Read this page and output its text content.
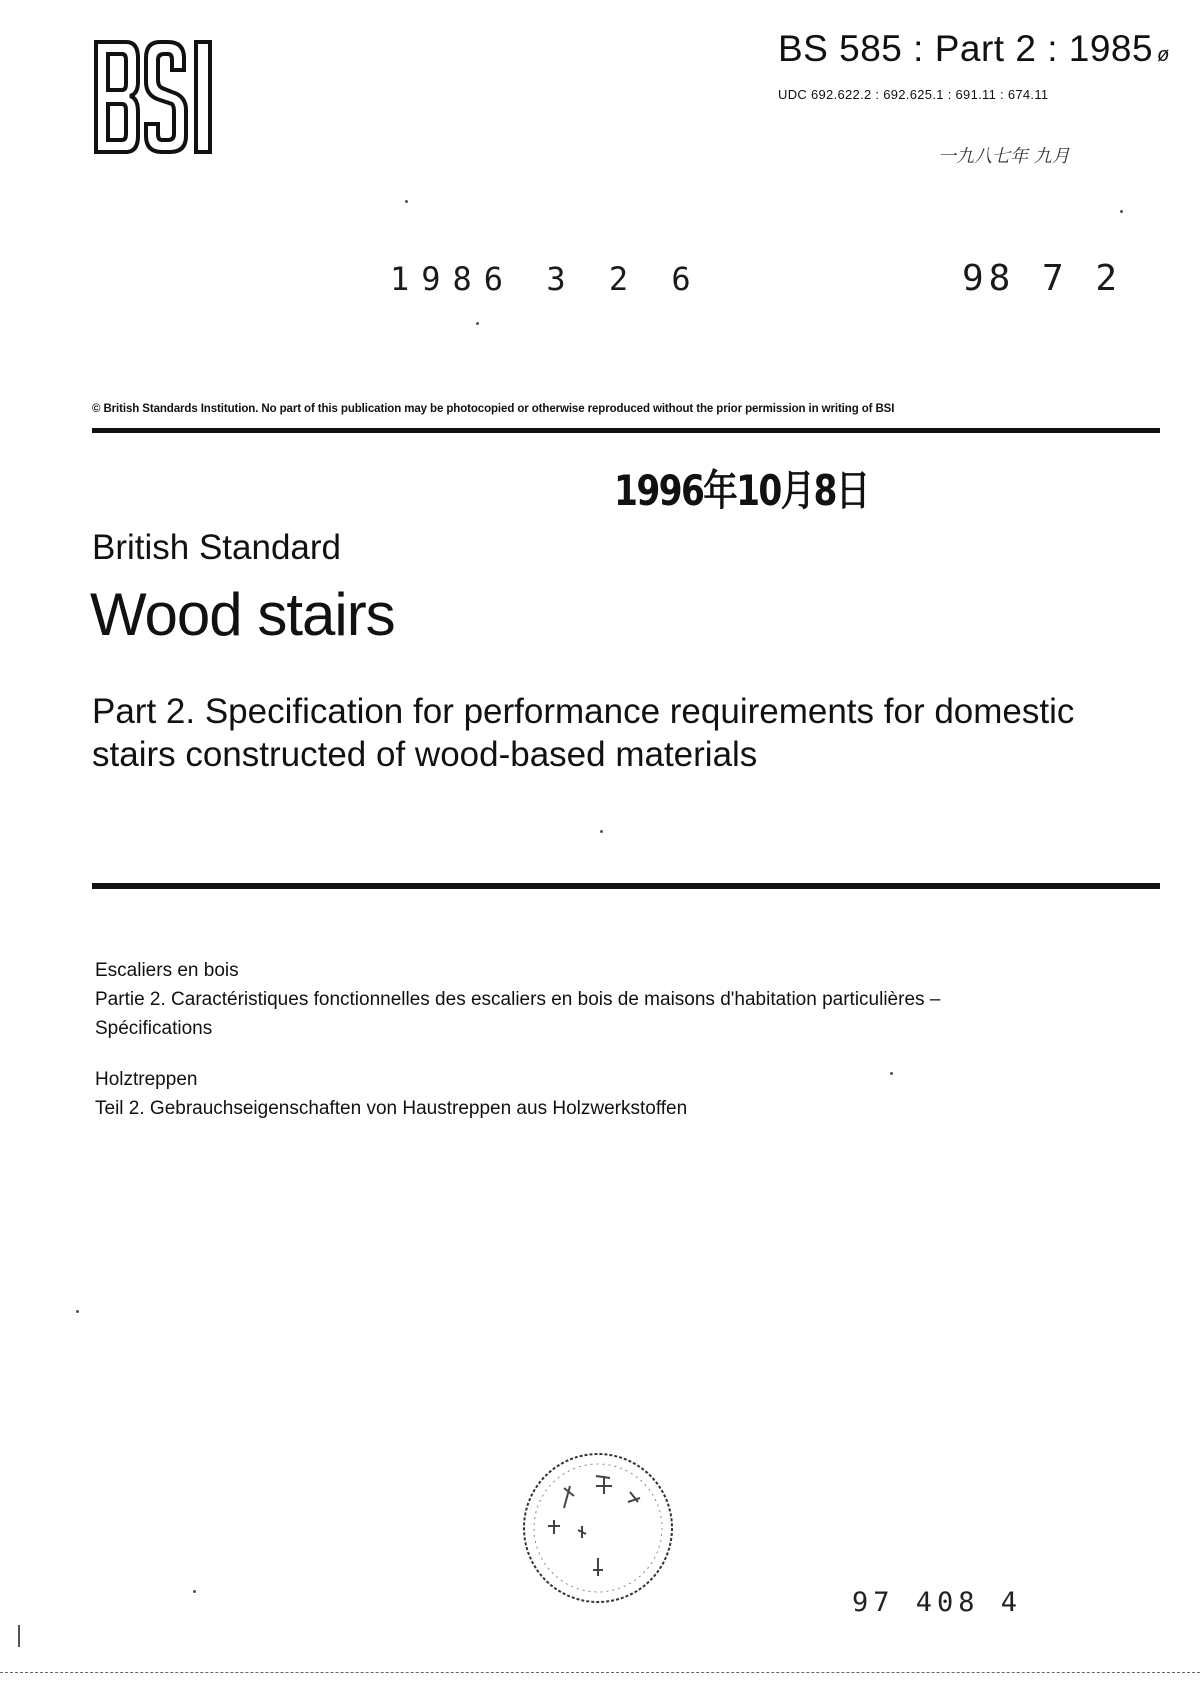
BS 585 : Part 2 : 1985 ø
UDC 692.622.2 : 692.625.1 : 691.11 : 674.11
一九八七年 九月
1986 3 2 6	98 7 2
© British Standards Institution. No part of this publication may be photocopied or otherwise reproduced without the prior permission in writing of BSI
1996年10月8日
British Standard
Wood stairs
Part 2. Specification for performance requirements for domestic stairs constructed of wood-based materials
Escaliers en bois
Partie 2. Caractéristiques fonctionnelles des escaliers en bois de maisons d'habitation particulières –
Spécifications
Holztreppen
Teil 2. Gebrauchseigenschaften von Haustreppen aus Holzwerkstoffen
97 408 4
